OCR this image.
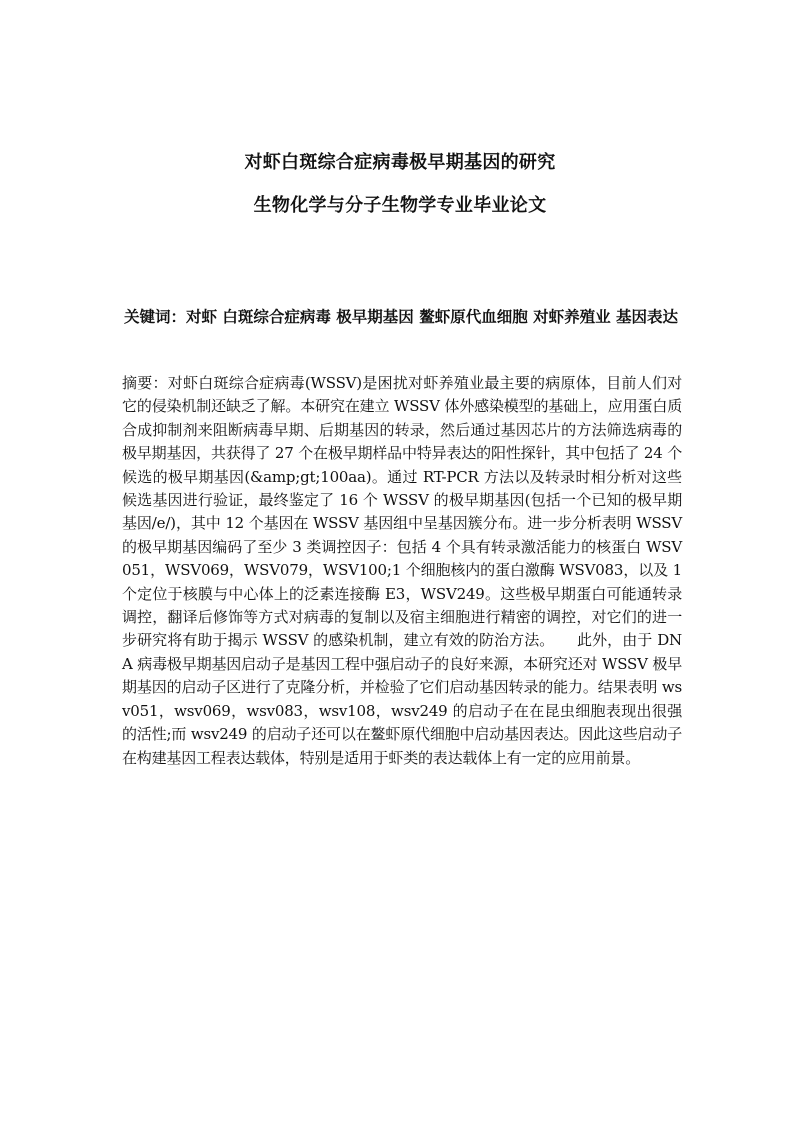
对虾白斑综合症病毒极早期基因的研究
生物化学与分子生物学专业毕业论文
关键词：对虾 白斑综合症病毒 极早期基因 鳌虾原代血细胞 对虾养殖业 基因表达
摘要：对虾白斑综合症病毒(WSSV)是困扰对虾养殖业最主要的病原体，目前人们对它的侵染机制还缺乏了解。本研究在建立 WSSV 体外感染模型的基础上，应用蛋白质合成抑制剂来阻断病毒早期、后期基因的转录，然后通过基因芯片的方法筛选病毒的极早期基因，共获得了 27 个在极早期样品中特异表达的阳性探针，其中包括了 24 个候选的极早期基因(&amp;gt;100aa)。通过 RT-PCR 方法以及转录时相分析对这些候选基因进行验证，最终鉴定了 16 个 WSSV 的极早期基因(包括一个已知的极早期基因/e/)，其中 12 个基因在 WSSV 基因组中呈基因簇分布。进一步分析表明 WSSV 的极早期基因编码了至少 3 类调控因子：包括 4 个具有转录激活能力的核蛋白 WSV051，WSV069，WSV079，WSV100;1 个细胞核内的蛋白激酶 WSV083，以及 1 个定位于核膜与中心体上的泛素连接酶 E3，WSV249。这些极早期蛋白可能通转录调控，翻译后修饰等方式对病毒的复制以及宿主细胞进行精密的调控，对它们的进一步研究将有助于揭示 WSSV 的感染机制，建立有效的防治方法。　　此外，由于 DNA 病毒极早期基因启动子是基因工程中强启动子的良好来源，本研究还对 WSSV 极早期基因的启动子区进行了克隆分析，并检验了它们启动基因转录的能力。结果表明 wsv051，wsv069，wsv083，wsv108，wsv249 的启动子在在昆虫细胞表现出很强的活性;而 wsv249 的启动子还可以在鳌虾原代细胞中启动基因表达。因此这些启动子在构建基因工程表达载体，特别是适用于虾类的表达载体上有一定的应用前景。
